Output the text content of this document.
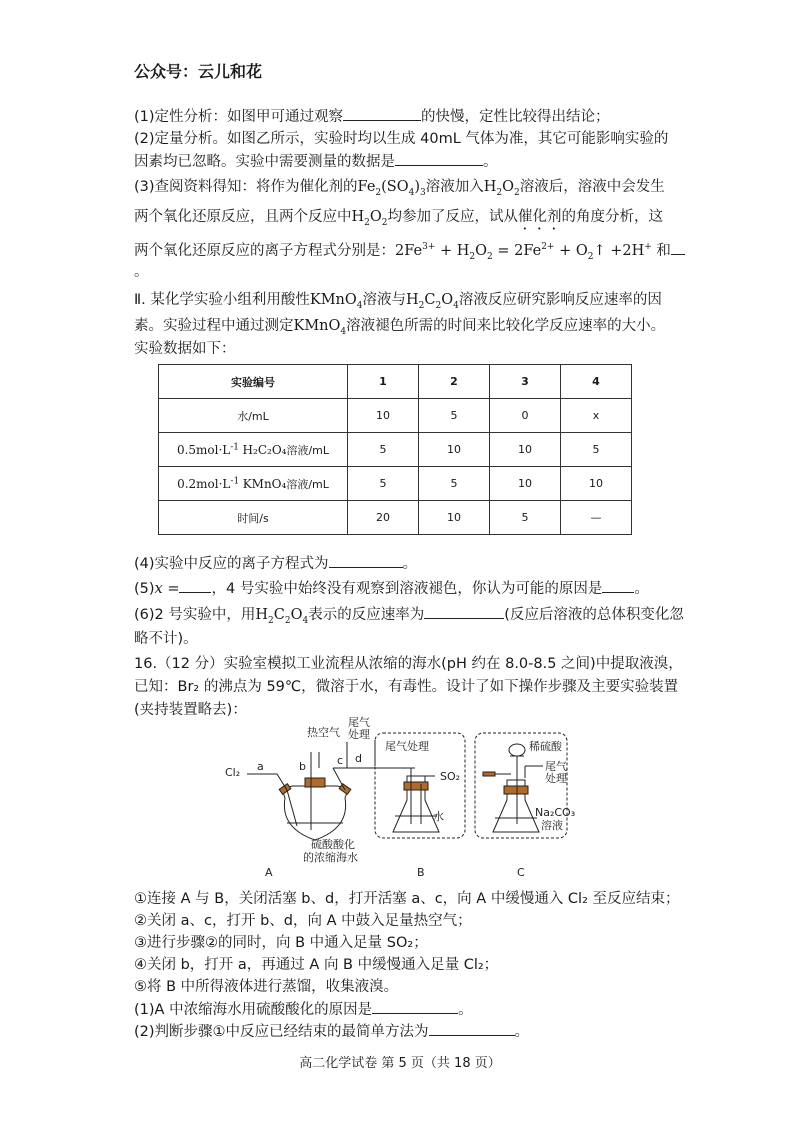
公众号：云儿和花
(1)定性分析：如图甲可通过观察	的快慢，定性比较得出结论；
(2)定量分析。如图乙所示，实验时均以生成 40mL 气体为准，其它可能影响实验的
因素均已忽略。实验中需要测量的数据是	。
(3)查阅资料得知：将作为催化剂的$Fe_2(SO_4)_3$溶液加入$H_2O_2$溶液后，溶液中会发生
两个氧化还原反应，且两个反应中$H_2O_2$均参加了反应，试从催化剂的角度分析，这
两个氧化还原反应的离子方程式分别是：$2Fe^{3+} + H_2O_2 = 2Fe^{2+}$ + $O_2↑ +2H^+$ 和
。
Ⅱ. 某化学实验小组利用酸性KMnO$_4$溶液与$H_2C_2O_4$溶液反应研究影响反应速率的因
素。实验过程中通过测定KMnO$_4$溶液褪色所需的时间来比较化学反应速率的大小。
实验数据如下：
实验编号	1	2	3	4
水/mL	10	5	0	x
$0.5mol\cdot L^{-1}$ H₂C₂O₄溶液/mL	5	10	10	5
$0.2mol\cdot L^{-1}$ KMnO₄溶液/mL	5	5	10	10
时间/s	20	10	5	—
(4)实验中反应的离子方程式为	。
(5)x = ，4 号实验中始终没有观察到溶液褪色，你认为可能的原因是 。
(6)2 号实验中，用$H_2C_2O_4$表示的反应速率为	(反应后溶液的总体积变化忽
略不计)。
16.（12 分）实验室模拟工业流程从浓缩的海水(pH 约在 8.0-8.5 之间)中提取液溴，
已知：Br₂ 的沸点为 59℃，微溶于水，有毒性。设计了如下操作步骤及主要实验装置
(夹持装置略去)：
热空气
尾气
处理
Cl₂ a	b	c d
尾气处理
SO₂
水
稀硫酸
尾气
处理
Na₂CO₃
溶液
硫酸酸化
的浓缩海水
A	B	C
①连接 A 与 B，关闭活塞 b、d，打开活塞 a、c，向 A 中缓慢通入 Cl₂ 至反应结束；
②关闭 a、c，打开 b、d，向 A 中鼓入足量热空气；
③进行步骤②的同时，向 B 中通入足量 SO₂；
④关闭 b，打开 a，再通过 A 向 B 中缓慢通入足量 Cl₂；
⑤将 B 中所得液体进行蒸馏，收集液溴。
(1)A 中浓缩海水用硫酸酸化的原因是	。
(2)判断步骤①中反应已经结束的最简单方法为	。
高二化学试卷 第 5 页（共 18 页）
